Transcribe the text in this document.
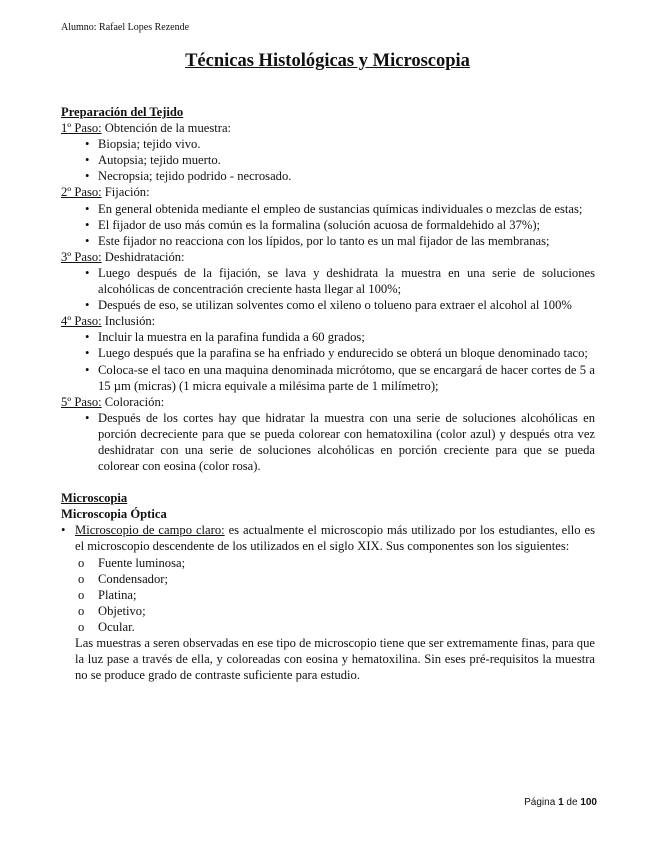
Alumno: Rafael Lopes Rezende
Técnicas Histológicas y Microscopia
Preparación del Tejido
1º Paso: Obtención de la muestra:
• Biopsia; tejido vivo.
• Autopsia; tejido muerto.
• Necropsia; tejido podrido - necrosado.
2º Paso: Fijación:
• En general obtenida mediante el empleo de sustancias químicas individuales o mezclas de estas;
• El fijador de uso más común es la formalina (solución acuosa de formaldehido al 37%);
• Este fijador no reacciona con los lípidos, por lo tanto es un mal fijador de las membranas;
3º Paso: Deshidratación:
• Luego después de la fijación, se lava y deshidrata la muestra en una serie de soluciones alcohólicas de concentración creciente hasta llegar al 100%;
• Después de eso, se utilizan solventes como el xileno o tolueno para extraer el alcohol al 100%
4º Paso: Inclusión:
• Incluir la muestra en la parafina fundida a 60 grados;
• Luego después que la parafina se ha enfriado y endurecido se obterá un bloque denominado taco;
• Coloca-se el taco en una maquina denominada micrótomo, que se encargará de hacer cortes de 5 a 15 µm (micras) (1 micra equivale a milésima parte de 1 milímetro);
5º Paso: Coloración:
• Después de los cortes hay que hidratar la muestra con una serie de soluciones alcohólicas en porción decreciente para que se pueda colorear con hematoxilina (color azul) y después otra vez deshidratar con una serie de soluciones alcohólicas en porción creciente para que se pueda colorear con eosina (color rosa).
Microscopia
Microscopia Óptica
• Microscopio de campo claro: es actualmente el microscopio más utilizado por los estudiantes, ello es el microscopio descendente de los utilizados en el siglo XIX. Sus componentes son los siguientes:
o Fuente luminosa;
o Condensador;
o Platina;
o Objetivo;
o Ocular.
Las muestras a seren observadas en ese tipo de microscopio tiene que ser extremamente finas, para que la luz pase a través de ella, y coloreadas con eosina y hematoxilina. Sin eses pré-requisitos la muestra no se produce grado de contraste suficiente para estudio.
Página 1 de 100
